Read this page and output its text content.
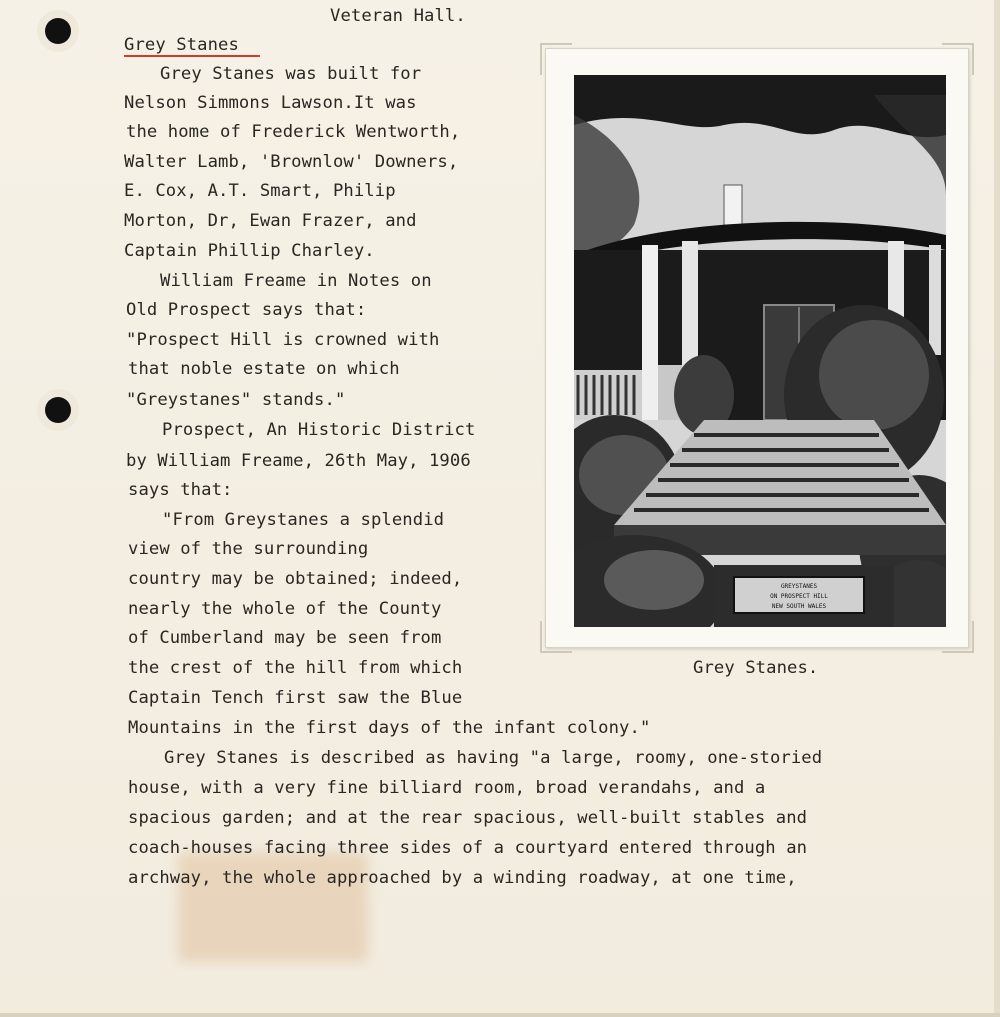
Veteran Hall.
Grey Stanes
Grey Stanes was built for
Nelson Simmons Lawson.It was
the home of Frederick Wentworth,
Walter Lamb, 'Brownlow' Downers,
E. Cox, A.T. Smart, Philip
Morton, Dr, Ewan Frazer, and
Captain Phillip Charley.
William Freame in Notes on
Old Prospect says that:
"Prospect Hill is crowned with
that noble estate on which
"Greystanes" stands."
Prospect, An Historic District
by William Freame, 26th May, 1906
says that:
"From Greystanes a splendid
view of the surrounding
country may be obtained; indeed,
nearly the whole of the County
of Cumberland may be seen from
the crest of the hill from which
Captain Tench first saw the Blue
Mountains in the first days of the infant colony."
Grey Stanes is described as having "a large, roomy, one-storied
house, with a very fine billiard room, broad verandahs, and a
spacious garden; and at the rear spacious, well-built stables and
coach-houses facing three sides of a courtyard entered through an
archway, the whole approached by a winding roadway, at one time,
GREYSTANES
ON PROSPECT HILL
NEW SOUTH WALES
Grey Stanes.
